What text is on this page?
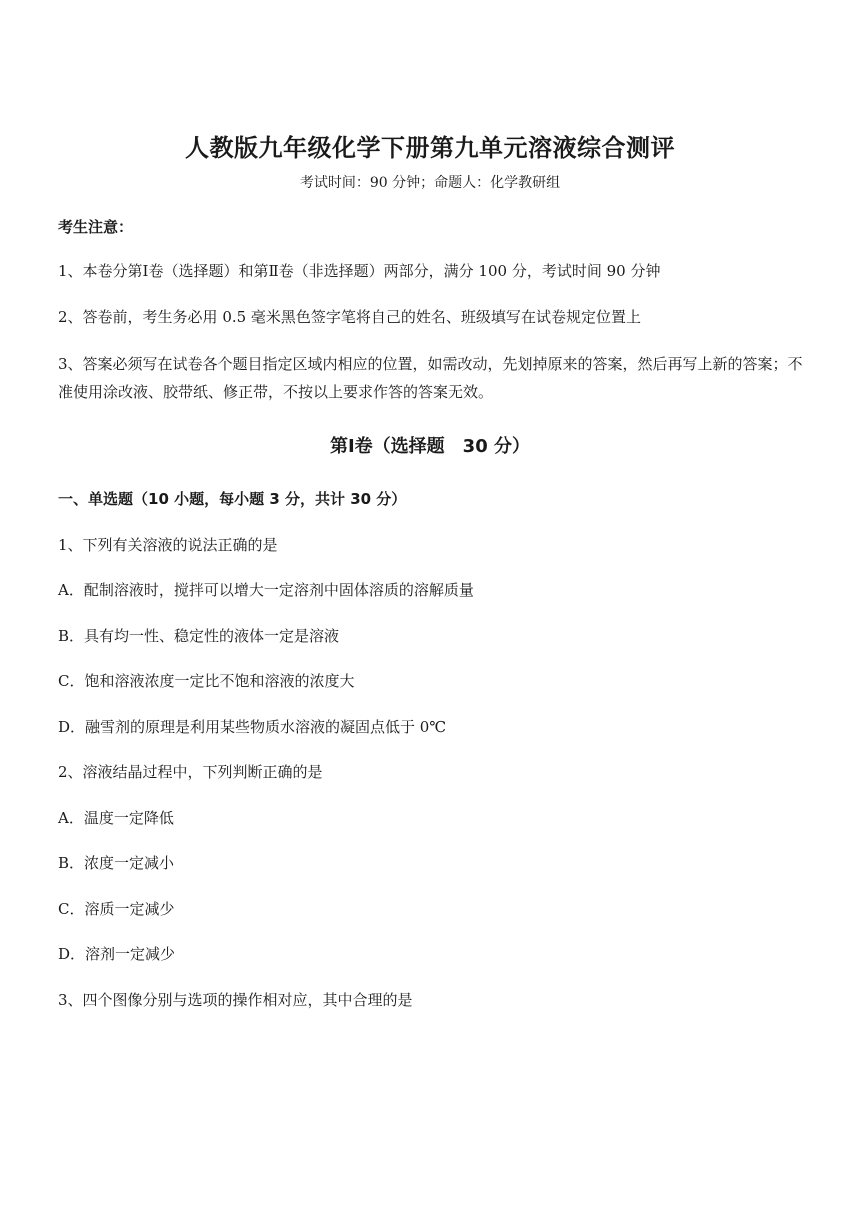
人教版九年级化学下册第九单元溶液综合测评
考试时间：90 分钟；命题人：化学教研组
考生注意：
1、本卷分第Ⅰ卷（选择题）和第Ⅱ卷（非选择题）两部分，满分 100 分，考试时间 90 分钟
2、答卷前，考生务必用 0.5 毫米黑色签字笔将自己的姓名、班级填写在试卷规定位置上
3、答案必须写在试卷各个题目指定区域内相应的位置，如需改动，先划掉原来的答案，然后再写上新的答案；不准使用涂改液、胶带纸、修正带，不按以上要求作答的答案无效。
第Ⅰ卷（选择题　30 分）
一、单选题（10 小题，每小题 3 分，共计 30 分）
1、下列有关溶液的说法正确的是
A．配制溶液时，搅拌可以增大一定溶剂中固体溶质的溶解质量
B．具有均一性、稳定性的液体一定是溶液
C．饱和溶液浓度一定比不饱和溶液的浓度大
D．融雪剂的原理是利用某些物质水溶液的凝固点低于 0℃
2、溶液结晶过程中，下列判断正确的是
A．温度一定降低
B．浓度一定减小
C．溶质一定减少
D．溶剂一定减少
3、四个图像分别与选项的操作相对应，其中合理的是
